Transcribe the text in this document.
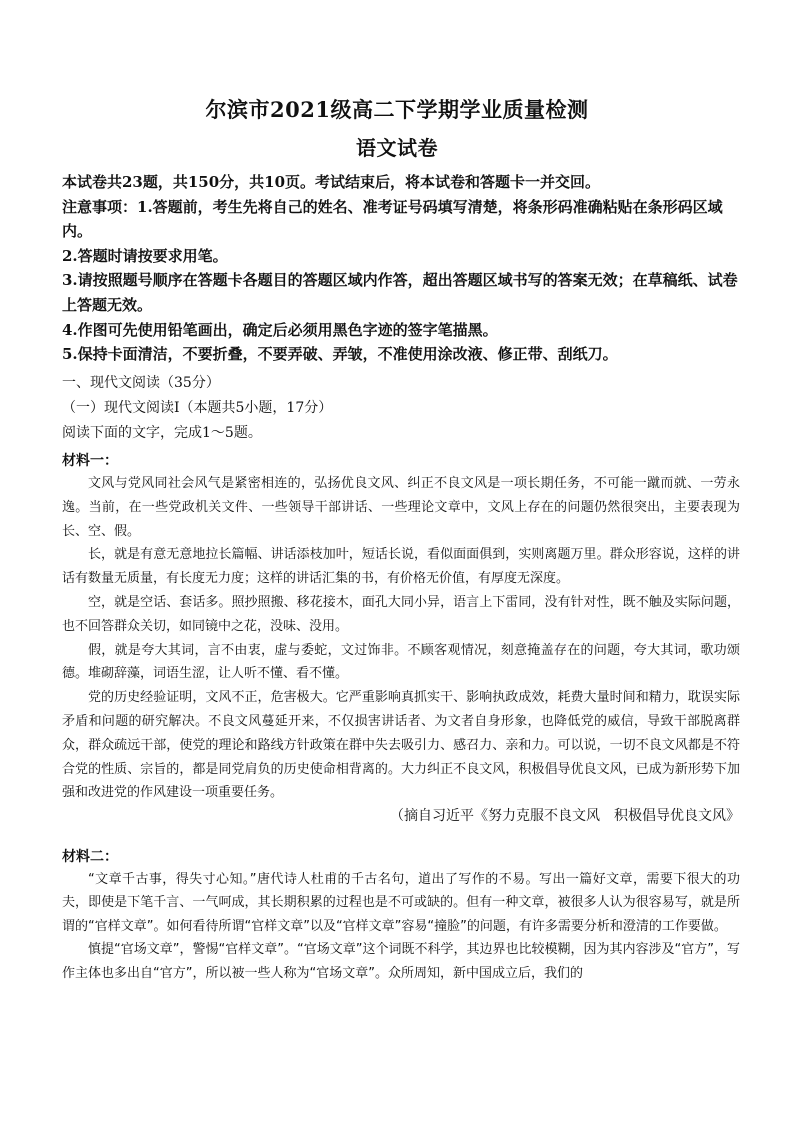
尔滨市2021级高二下学期学业质量检测
语文试卷

本试卷共23题，共150分，共10页。考试结束后，将本试卷和答题卡一并交回。

注意事项：1.答题前，考生先将自己的姓名、准考证号码填写清楚，将条形码准确粘贴在条形码区域内。

2.答题时请按要求用笔。

3.请按照题号顺序在答题卡各题目的答题区域内作答，超出答题区域书写的答案无效；在草稿纸、试卷上答题无效。

4.作图可先使用铅笔画出，确定后必须用黑色字迹的签字笔描黑。

5.保持卡面清洁，不要折叠，不要弄破、弄皱，不准使用涂改液、修正带、刮纸刀。

一、现代文阅读（35分）
（一）现代文阅读I（本题共5小题，17分）
阅读下面的文字，完成1～5题。
材料一：

文风与党风同社会风气是紧密相连的，弘扬优良文风、纠正不良文风是一项长期任务，不可能一蹴而就、一劳永逸。当前，在一些党政机关文件、一些领导干部讲话、一些理论文章中，文风上存在的问题仍然很突出，主要表现为长、空、假。

长，就是有意无意地拉长篇幅、讲话添枝加叶，短话长说，看似面面俱到，实则离题万里。群众形容说，这样的讲话有数量无质量，有长度无力度；这样的讲话汇集的书，有价格无价值，有厚度无深度。

空，就是空话、套话多。照抄照搬、移花接木，面孔大同小异，语言上下雷同，没有针对性，既不触及实际问题，也不回答群众关切，如同镜中之花，没味、没用。

假，就是夸大其词，言不由衷，虚与委蛇，文过饰非。不顾客观情况，刻意掩盖存在的问题，夸大其词，歌功颂德。堆砌辞藻，词语生涩，让人听不懂、看不懂。

党的历史经验证明，文风不正，危害极大。它严重影响真抓实干、影响执政成效，耗费大量时间和精力，耽误实际矛盾和问题的研究解决。不良文风蔓延开来，不仅损害讲话者、为文者自身形象，也降低党的威信，导致干部脱离群众，群众疏远干部，使党的理论和路线方针政策在群中失去吸引力、感召力、亲和力。可以说，一切不良文风都是不符合党的性质、宗旨的，都是同党肩负的历史使命相背离的。大力纠正不良文风，积极倡导优良文风，已成为新形势下加强和改进党的作风建设一项重要任务。

（摘自习近平《努力克服不良文风　积极倡导优良文风》

材料二：

“文章千古事，得失寸心知。”唐代诗人杜甫的千古名句，道出了写作的不易。写出一篇好文章，需要下很大的功夫，即使是下笔千言、一气呵成，其长期积累的过程也是不可或缺的。但有一种文章，被很多人认为很容易写，就是所谓的“官样文章”。如何看待所谓“官样文章”以及“官样文章”容易“撞脸”的问题，有许多需要分析和澄清的工作要做。

慎提“官场文章”，警惕“官样文章”。“官场文章”这个词既不科学，其边界也比较模糊，因为其内容涉及“官方”，写作主体也多出自“官方”，所以被一些人称为“官场文章”。众所周知，新中国成立后，我们的
